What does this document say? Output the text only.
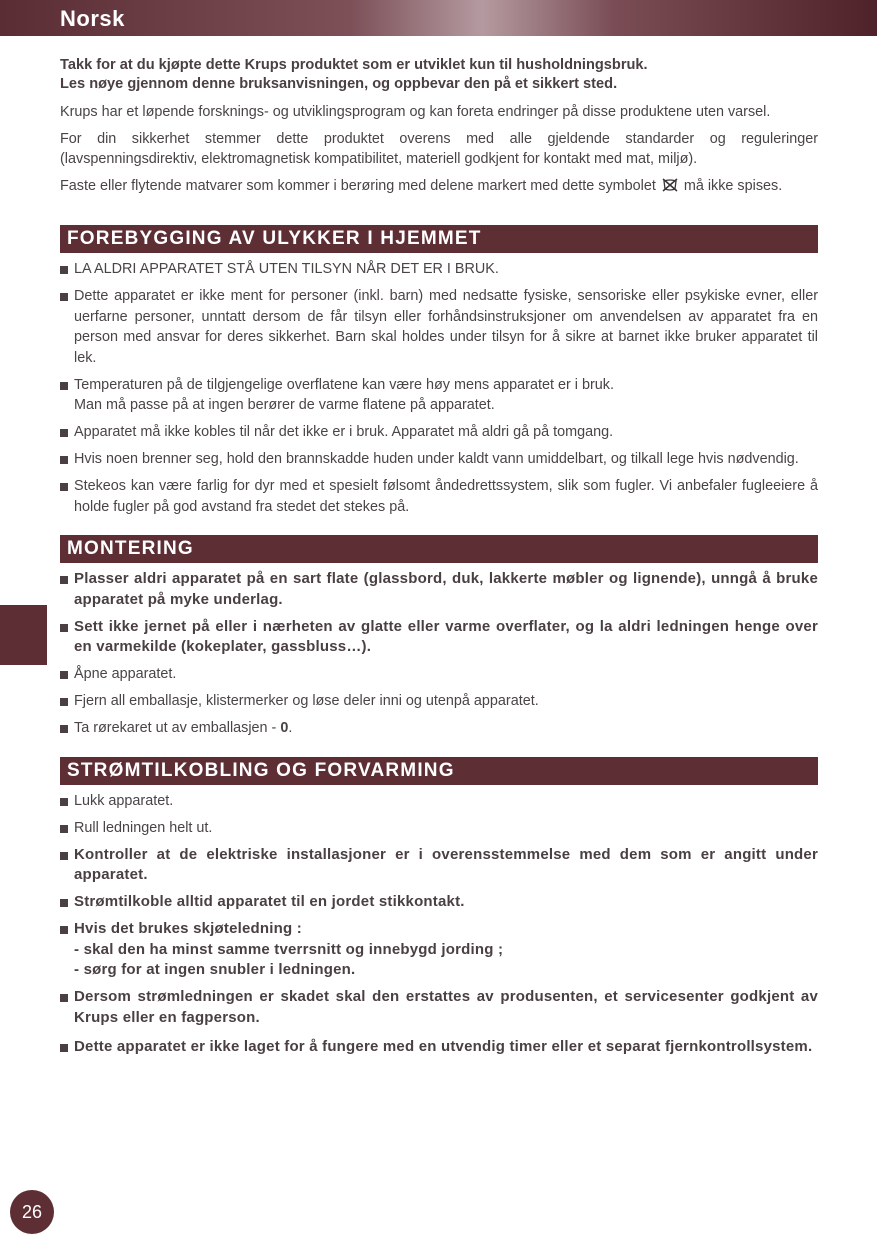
Norsk
Takk for at du kjøpte dette Krups produktet som er utviklet kun til husholdningsbruk.
Les nøye gjennom denne bruksanvisningen, og oppbevar den på et sikkert sted.

Krups har et løpende forsknings- og utviklingsprogram og kan foreta endringer på disse produktene uten varsel.

For din sikkerhet stemmer dette produktet overens med alle gjeldende standarder og reguleringer (lavspenningsdirektiv, elektromagnetisk kompatibilitet, materiell godkjent for kontakt med mat, miljø).

Faste eller flytende matvarer som kommer i berøring med delene markert med dette symbolet må ikke spises.

FOREBYGGING AV ULYKKER I HJEMMET
LA ALDRI APPARATET STÅ UTEN TILSYN NÅR DET ER I BRUK.
Dette apparatet er ikke ment for personer (inkl. barn) med nedsatte fysiske, sensoriske eller psykiske evner, eller uerfarne personer, unntatt dersom de får tilsyn eller forhåndsinstruksjoner om anvendelsen av apparatet fra en person med ansvar for deres sikkerhet. Barn skal holdes under tilsyn for å sikre at barnet ikke bruker apparatet til lek.
Temperaturen på de tilgjengelige overflatene kan være høy mens apparatet er i bruk.
Man må passe på at ingen berører de varme flatene på apparatet.
Apparatet må ikke kobles til når det ikke er i bruk. Apparatet må aldri gå på tomgang.
Hvis noen brenner seg, hold den brannskadde huden under kaldt vann umiddelbart, og tilkall lege hvis nødvendig.
Stekeos kan være farlig for dyr med et spesielt følsomt åndedrettssystem, slik som fugler. Vi anbefaler fugleeiere å holde fugler på god avstand fra stedet det stekes på.
MONTERING
Plasser aldri apparatet på en sart flate (glassbord, duk, lakkerte møbler og lignende), unngå å bruke apparatet på myke underlag.
Sett ikke jernet på eller i nærheten av glatte eller varme overflater, og la aldri ledningen henge over en varmekilde (kokeplater, gassbluss…).
Åpne apparatet.
Fjern all emballasje, klistermerker og løse deler inni og utenpå apparatet.
Ta rørekaret ut av emballasjen - 0.
STRØMTILKOBLING OG FORVARMING
Lukk apparatet.
Rull ledningen helt ut.
Kontroller at de elektriske installasjoner er i overensstemmelse med dem som er angitt under apparatet.
Strømtilkoble alltid apparatet til en jordet stikkontakt.
Hvis det brukes skjøteledning :
- skal den ha minst samme tverrsnitt og innebygd jording ;
- sørg for at ingen snubler i ledningen.
Dersom strømledningen er skadet skal den erstattes av produsenten, et servicesenter godkjent av Krups eller en fagperson.
Dette apparatet er ikke laget for å fungere med en utvendig timer eller et separat fjernkontrollsystem.
26
